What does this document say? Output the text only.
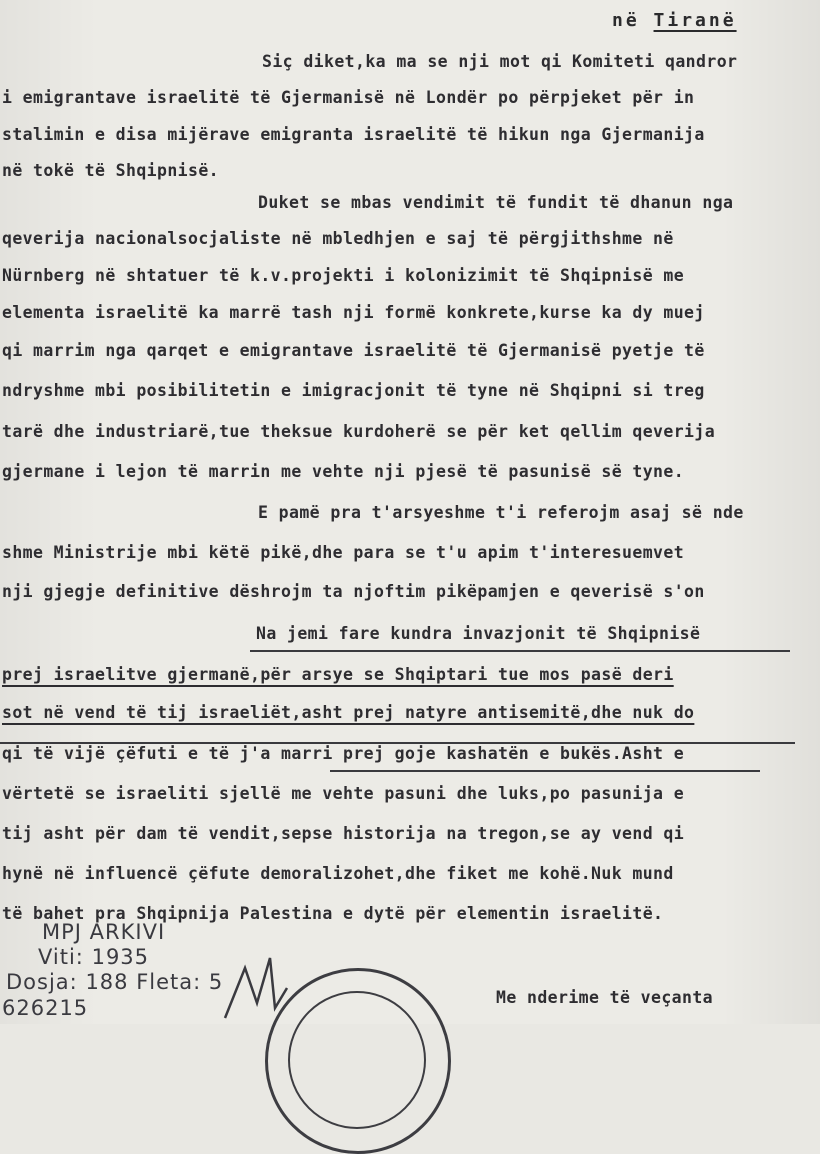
në Tiranë
Siç diket,ka ma se nji mot qi Komiteti qandror
i emigrantave israelitë të Gjermanisë në Londër po përpjeket për in
stalimin e disa mijërave emigranta israelitë të hikun nga Gjermanija
në tokë të Shqipnisë.
Duket se mbas vendimit të fundit të dhanun nga
qeverija nacionalsocjaliste në mbledhjen e saj të përgjithshme në
Nürnberg në shtatuer të k.v.projekti i kolonizimit të Shqipnisë me
elementa israelitë ka marrë tash nji formë konkrete,kurse ka dy muej
qi marrim nga qarqet e emigrantave israelitë të Gjermanisë pyetje të
ndryshme mbi posibilitetin e imigracjonit të tyne në Shqipni si treg
tarë dhe industriarë,tue theksue kurdoherë se për ket qellim qeverija
gjermane i lejon të marrin me vehte nji pjesë të pasunisë së tyne.
E pamë pra t'arsyeshme t'i referojm asaj së nde
shme Ministrije mbi këtë pikë,dhe para se t'u apim t'interesuemvet
nji gjegje definitive dëshrojm ta njoftim pikëpamjen e qeverisë s'on
Na jemi fare kundra invazjonit të Shqipnisë
prej israelitve gjermanë,për arsye se Shqiptari tue mos pasë deri
sot në vend të tij israeliët,asht prej natyre antisemitë,dhe nuk do
qi të vijë çëfuti e të j'a marri prej goje kashatën e bukës.Asht e
vërtetë se israeliti sjellë me vehte pasuni dhe luks,po pasunija e
tij asht për dam të vendit,sepse historija na tregon,se ay vend qi
hynë në influencë çëfute demoralizohet,dhe fiket me kohë.Nuk mund
të bahet pra Shqipnija Palestina e dytë për elementin israelitë.
Me nderime të veçanta
MPJ ARKIVI
Viti: 1935
Dosja: 188 Fleta: 5
626215
